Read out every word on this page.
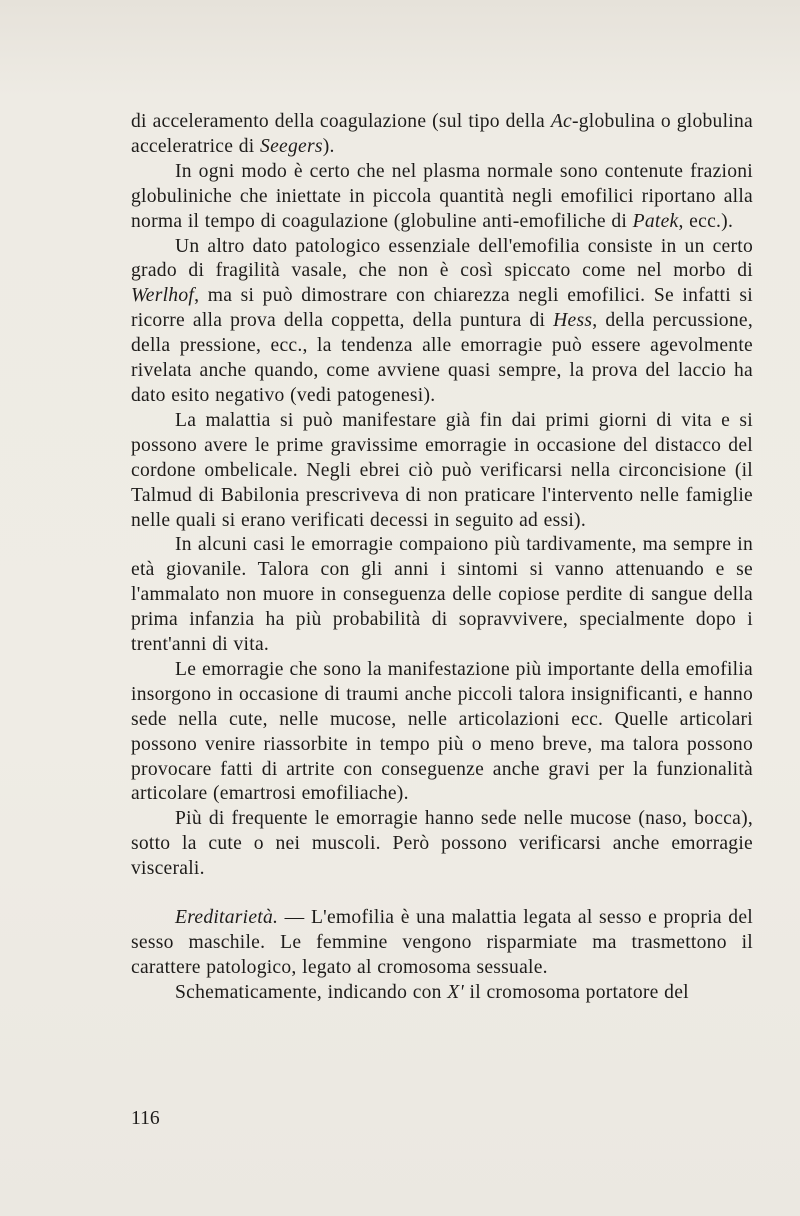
di acceleramento della coagulazione (sul tipo della Ac-globulina o globulina acceleratrice di Seegers).

In ogni modo è certo che nel plasma normale sono contenute frazioni globuliniche che iniettate in piccola quantità negli emofilici riportano alla norma il tempo di coagulazione (globuline anti-emofiliche di Patek, ecc.).

Un altro dato patologico essenziale dell'emofilia consiste in un certo grado di fragilità vasale, che non è così spiccato come nel morbo di Werlhof, ma si può dimostrare con chiarezza negli emofilici. Se infatti si ricorre alla prova della coppetta, della puntura di Hess, della percussione, della pressione, ecc., la tendenza alle emorragie può essere agevolmente rivelata anche quando, come avviene quasi sempre, la prova del laccio ha dato esito negativo (vedi patogenesi).

La malattia si può manifestare già fin dai primi giorni di vita e si possono avere le prime gravissime emorragie in occasione del distacco del cordone ombelicale. Negli ebrei ciò può verificarsi nella circoncisione (il Talmud di Babilonia prescriveva di non praticare l'intervento nelle famiglie nelle quali si erano verificati decessi in seguito ad essi).

In alcuni casi le emorragie compaiono più tardivamente, ma sempre in età giovanile. Talora con gli anni i sintomi si vanno attenuando e se l'ammalato non muore in conseguenza delle copiose perdite di sangue della prima infanzia ha più probabilità di sopravvivere, specialmente dopo i trent'anni di vita.

Le emorragie che sono la manifestazione più importante della emofilia insorgono in occasione di traumi anche piccoli talora insignificanti, e hanno sede nella cute, nelle mucose, nelle articolazioni ecc. Quelle articolari possono venire riassorbite in tempo più o meno breve, ma talora possono provocare fatti di artrite con conseguenze anche gravi per la funzionalità articolare (emartrosi emofiliache).

Più di frequente le emorragie hanno sede nelle mucose (naso, bocca), sotto la cute o nei muscoli. Però possono verificarsi anche emorragie viscerali.

Ereditarietà. — L'emofilia è una malattia legata al sesso e propria del sesso maschile. Le femmine vengono risparmiate ma trasmettono il carattere patologico, legato al cromosoma sessuale.

Schematicamente, indicando con X' il cromosoma portatore del

116
